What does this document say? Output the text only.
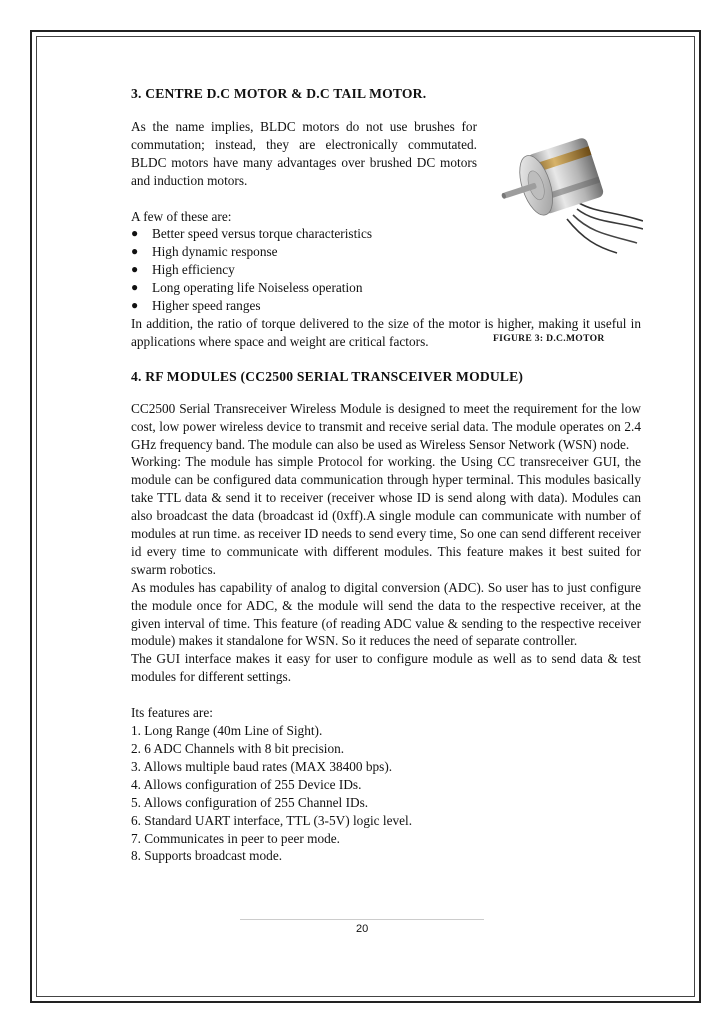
3. CENTRE D.C MOTOR & D.C TAIL MOTOR.

As the name implies, BLDC motors do not use brushes for commutation; instead, they are electronically commutated. BLDC motors have many advantages over brushed DC motors and induction motors.

A few of these are:

● Better speed versus torque characteristics
● High dynamic response
● High efficiency
● Long operating life Noiseless operation
● Higher speed ranges

In addition, the ratio of torque delivered to the size of the motor is higher, making it useful in applications where space and weight are critical factors.	FIGURE 3: D.C.MOTOR
4. RF MODULES (CC2500 SERIAL TRANSCEIVER MODULE)

CC2500 Serial Transreceiver Wireless Module is designed to meet the requirement for the low cost, low power wireless device to transmit and receive serial data. The module operates on 2.4 GHz frequency band. The module can also be used as Wireless Sensor Network (WSN) node.

Working: The module has simple Protocol for working. the Using CC transreceiver GUI, the module can be configured data communication through hyper terminal. This modules basically take TTL data & send it to receiver (receiver whose ID is send along with data). Modules can also broadcast the data (broadcast id (0xff).A single module can communicate with number of modules at run time. as receiver ID needs to send every time, So one can send different receiver id every time to communicate with different modules. This feature makes it best suited for swarm robotics.

As modules has capability of analog to digital conversion (ADC). So user has to just configure the module once for ADC, & the module will send the data to the respective receiver, at the given interval of time. This feature (of reading ADC value & sending to the respective receiver module) makes it standalone for WSN. So it reduces the need of separate controller.

The GUI interface makes it easy for user to configure module as well as to send data & test modules for different settings.

Its features are:

1. Long Range (40m Line of Sight).
2. 6 ADC Channels with 8 bit precision.
3. Allows multiple baud rates (MAX 38400 bps).
4. Allows configuration of 255 Device IDs.
5. Allows configuration of 255 Channel IDs.
6. Standard UART interface, TTL (3-5V) logic level.
7. Communicates in peer to peer mode.
8. Supports broadcast mode.
20
